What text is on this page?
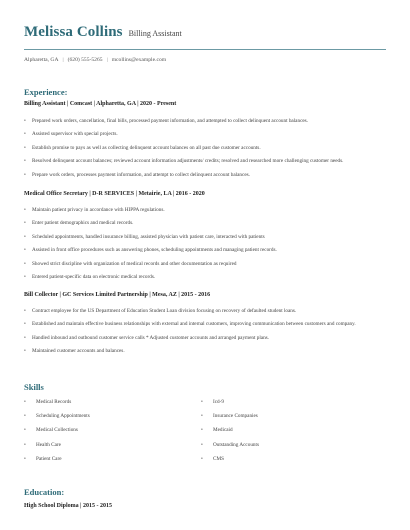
Melissa Collins Billing Assistant
Alpharetta, GA | (620) 555-5265 | mcollins@example.com
Experience:
Billing Assistant | Comcast | Alpharetta, GA | 2020 - Present
• Prepared work orders, cancellation, final bills, processed payment information, and attempted to collect delinquent account balances.
• Assisted supervisor with special projects.
• Establish promise to pays as well as collecting delinquent account balances on all past due customer accounts.
• Resolved delinquent account balances; reviewed account information adjustments/ credits; resolved and researched more challenging customer needs.
• Prepare work orders, processes payment information, and attempt to collect delinquent account balances.
Medical Office Secretary | D-R SERVICES | Metairie, LA | 2016 - 2020
• Maintain patient privacy in accordance with HIPPA regulations.
• Enter patient demographics and medical records.
• Scheduled appointments, handled insurance billing, assisted physician with patient care, interacted with patients
• Assisted in front office procedures such as answering phones, scheduling appointments and managing patient records.
• Showed strict discipline with organization of medical records and other documentation as required
• Entered patient-specific data on electronic medical records.
Bill Collector | GC Services Limited Partnership | Mesa, AZ | 2015 - 2016
• Contract employee for the US Department of Education Student Loan division focusing on recovery of defaulted student loans.
• Established and maintain effective business relationships with external and internal customers, improving communication between customers and company.
• Handled inbound and outbound customer service calls * Adjusted customer accounts and arranged payment plans.
• Maintained customer accounts and balances.
Skills
• Medical Records
• Scheduling Appointments
• Medical Collections
• Health Care
• Patient Care
• Icd-9
• Insurance Companies
• Medicaid
• Outstanding Accounts
• CMS
Education:
High School Diploma | 2015 - 2015
